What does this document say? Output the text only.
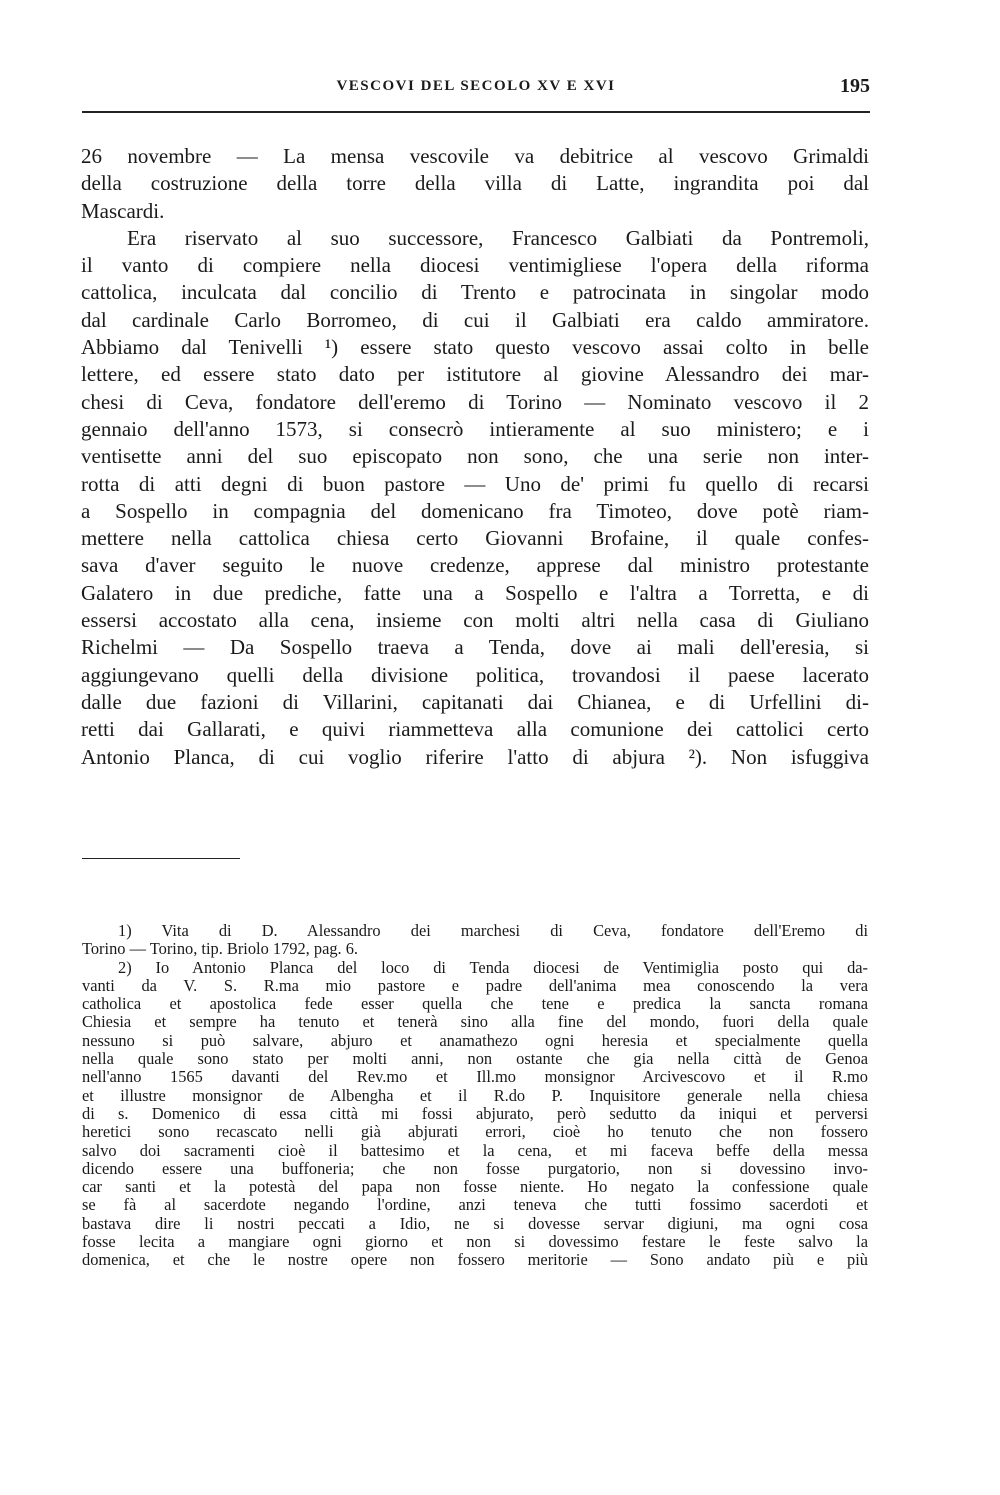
VESCOVI DEL SECOLO XV E XVI	195
26 novembre — La mensa vescovile va debitrice al vescovo Grimaldi
della costruzione della torre della villa di Latte, ingrandita poi dal
Mascardi.
Era riservato al suo successore, Francesco Galbiati da Pontremoli,
il vanto di compiere nella diocesi ventimigliese l'opera della riforma
cattolica, inculcata dal concilio di Trento e patrocinata in singolar modo
dal cardinale Carlo Borromeo, di cui il Galbiati era caldo ammiratore.
Abbiamo dal Tenivelli ¹) essere stato questo vescovo assai colto in belle
lettere, ed essere stato dato per istitutore al giovine Alessandro dei mar-
chesi di Ceva, fondatore dell'eremo di Torino — Nominato vescovo il 2
gennaio dell'anno 1573, si consecrò intieramente al suo ministero; e i
ventisette anni del suo episcopato non sono, che una serie non inter-
rotta di atti degni di buon pastore — Uno de' primi fu quello di recarsi
a Sospello in compagnia del domenicano fra Timoteo, dove potè riam-
mettere nella cattolica chiesa certo Giovanni Brofaine, il quale confes-
sava d'aver seguito le nuove credenze, apprese dal ministro protestante
Galatero in due prediche, fatte una a Sospello e l'altra a Torretta, e di
essersi accostato alla cena, insieme con molti altri nella casa di Giuliano
Richelmi — Da Sospello traeva a Tenda, dove ai mali dell'eresia, si
aggiungevano quelli della divisione politica, trovandosi il paese lacerato
dalle due fazioni di Villarini, capitanati dai Chianea, e di Urfellini di-
retti dai Gallarati, e quivi riammetteva alla comunione dei cattolici certo
Antonio Planca, di cui voglio riferire l'atto di abjura ²). Non isfuggiva
1) Vita di D. Alessandro dei marchesi di Ceva, fondatore dell'Eremo di
Torino — Torino, tip. Briolo 1792, pag. 6.
2) Io Antonio Planca del loco di Tenda diocesi de Ventimiglia posto qui da-
vanti da V. S. R.ma mio pastore e padre dell'anima mea conoscendo la vera
catholica et apostolica fede esser quella che tene e predica la sancta romana
Chiesia et sempre ha tenuto et tenerà sino alla fine del mondo, fuori della quale
nessuno si può salvare, abjuro et anamathezo ogni heresia et specialmente quella
nella quale sono stato per molti anni, non ostante che gia nella città de Genoa
nell'anno 1565 davanti del Rev.mo et Ill.mo monsignor Arcivescovo et il R.mo
et illustre monsignor de Albengha et il R.do P. Inquisitore generale nella chiesa
di s. Domenico di essa città mi fossi abjurato, però sedutto da iniqui et perversi
heretici sono recascato nelli già abjurati errori, cioè ho tenuto che non fossero
salvo doi sacramenti cioè il battesimo et la cena, et mi faceva beffe della messa
dicendo essere una buffoneria; che non fosse purgatorio, non si dovessino invo-
car santi et la potestà del papa non fosse niente. Ho negato la confessione quale
se fà al sacerdote negando l'ordine, anzi teneva che tutti fossimo sacerdoti et
bastava dire li nostri peccati a Idio, ne si dovesse servar digiuni, ma ogni cosa
fosse lecita a mangiare ogni giorno et non si dovessimo festare le feste salvo la
domenica, et che le nostre opere non fossero meritorie — Sono andato più e più
